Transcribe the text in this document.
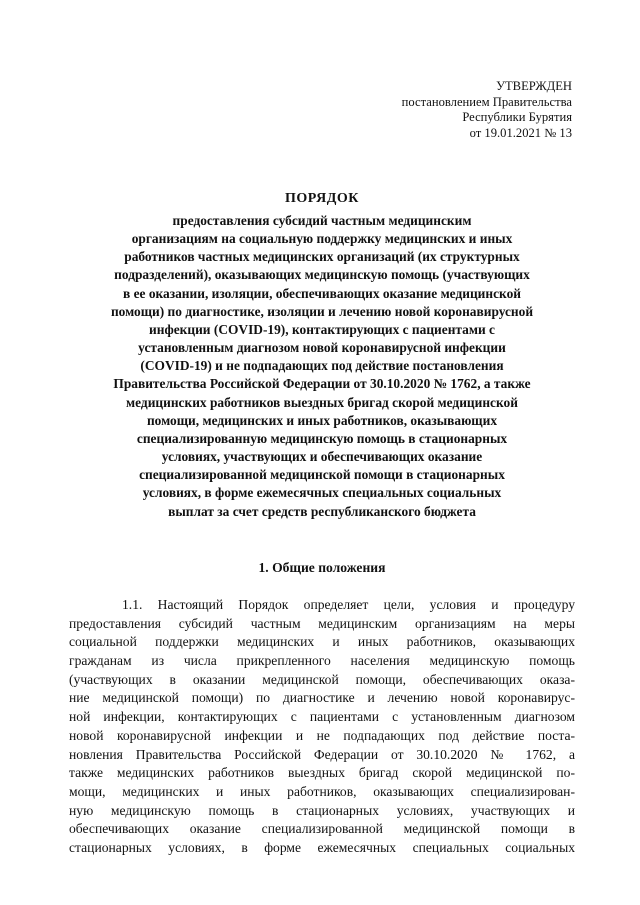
УТВЕРЖДЕН
постановлением Правительства
Республики Бурятия
от 19.01.2021 № 13
ПОРЯДОК
предоставления субсидий частным медицинским
организациям на социальную поддержку медицинских и иных
работников частных медицинских организаций (их структурных
подразделений), оказывающих медицинскую помощь (участвующих
в ее оказании, изоляции, обеспечивающих оказание медицинской
помощи) по диагностике, изоляции и лечению новой коронавирусной
инфекции (COVID-19), контактирующих с пациентами с
установленным диагнозом новой коронавирусной инфекции
(COVID-19) и не подпадающих под действие постановления
Правительства Российской Федерации от 30.10.2020 № 1762, а также
медицинских работников выездных бригад скорой медицинской
помощи, медицинских и иных работников, оказывающих
специализированную медицинскую помощь в стационарных
условиях, участвующих и обеспечивающих оказание
специализированной медицинской помощи в стационарных
условиях, в форме ежемесячных специальных социальных
выплат за счет средств республиканского бюджета
1. Общие положения
1.1. Настоящий Порядок определяет цели, условия и процедуру
предоставления субсидий частным медицинским организациям на меры
социальной поддержки медицинских и иных работников, оказывающих
гражданам из числа прикрепленного населения медицинскую помощь
(участвующих в оказании медицинской помощи, обеспечивающих оказа-
ние медицинской помощи) по диагностике и лечению новой коронавирус-
ной инфекции, контактирующих с пациентами с установленным диагнозом
новой коронавирусной инфекции и не подпадающих под действие поста-
новления Правительства Российской Федерации от 30.10.2020 № 1762, а
также медицинских работников выездных бригад скорой медицинской по-
мощи, медицинских и иных работников, оказывающих специализирован-
ную медицинскую помощь в стационарных условиях, участвующих и
обеспечивающих оказание специализированной медицинской помощи в
стационарных условиях, в форме ежемесячных специальных социальных
